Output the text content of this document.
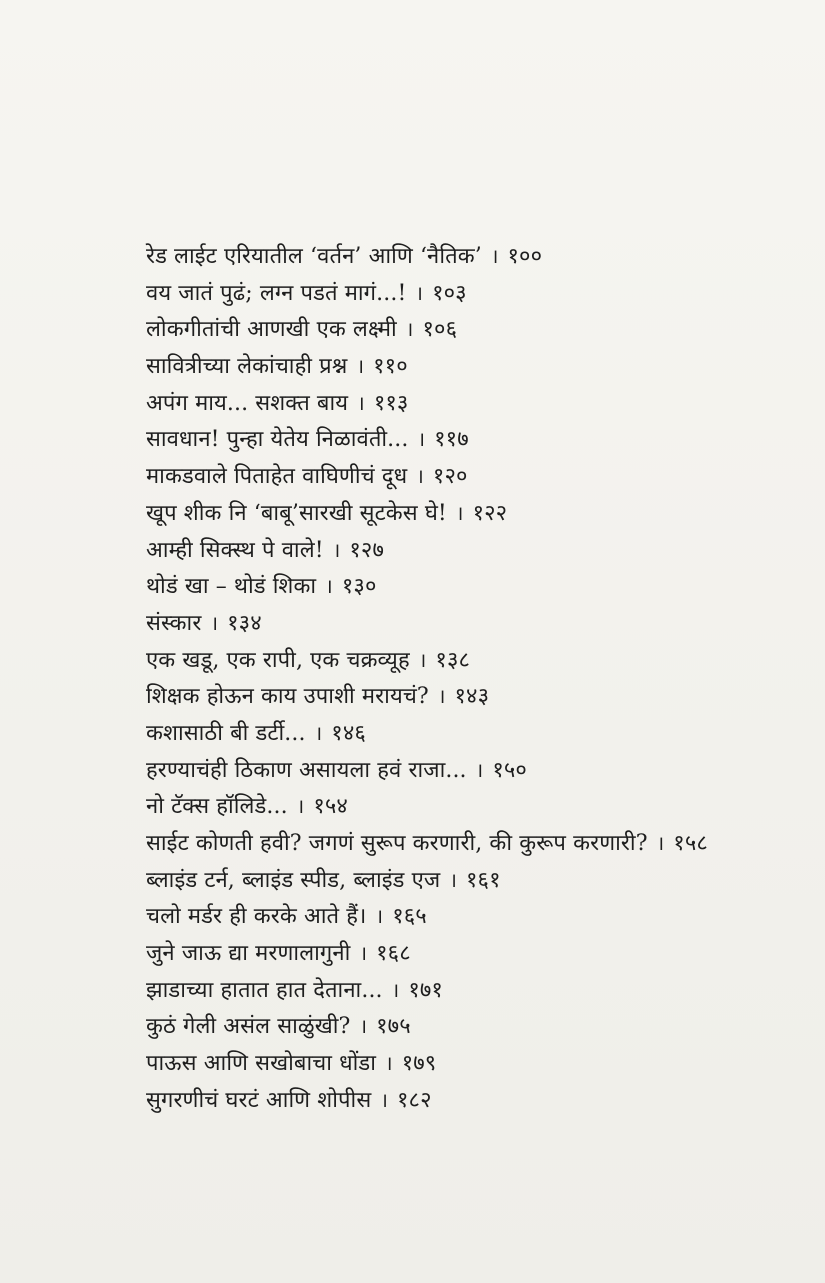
रेड लाईट एरियातील ‘वर्तन’ आणि ‘नैतिक’ । १००
वय जातं पुढं; लग्न पडतं मागं...! । १०३
लोकगीतांची आणखी एक लक्ष्मी । १०६
सावित्रीच्या लेकांचाही प्रश्न । ११०
अपंग माय... सशक्त बाय । ११३
सावधान! पुन्हा येतेय निळावंती... । ११७
माकडवाले पिताहेत वाघिणीचं दूध । १२०
खूप शीक नि ‘बाबू’सारखी सूटकेस घे! । १२२
आम्ही सिक्स्थ पे वाले! । १२७
थोडं खा – थोडं शिका । १३०
संस्कार । १३४
एक खडू, एक रापी, एक चक्रव्यूह । १३८
शिक्षक होऊन काय उपाशी मरायचं? । १४३
कशासाठी बी डर्टी... । १४६
हरण्याचंही ठिकाण असायला हवं राजा... । १५०
नो टॅक्स हॉलिडे... । १५४
साईट कोणती हवी? जगणं सुरूप करणारी, की कुरूप करणारी? । १५८
ब्लाइंड टर्न, ब्लाइंड स्पीड, ब्लाइंड एज । १६१
चलो मर्डर ही करके आते हैं। । १६५
जुने जाऊ द्या मरणालागुनी । १६८
झाडाच्या हातात हात देताना... । १७१
कुठं गेली असंल साळुंखी? । १७५
पाऊस आणि सखोबाचा धोंडा । १७९
सुगरणीचं घरटं आणि शोपीस । १८२
